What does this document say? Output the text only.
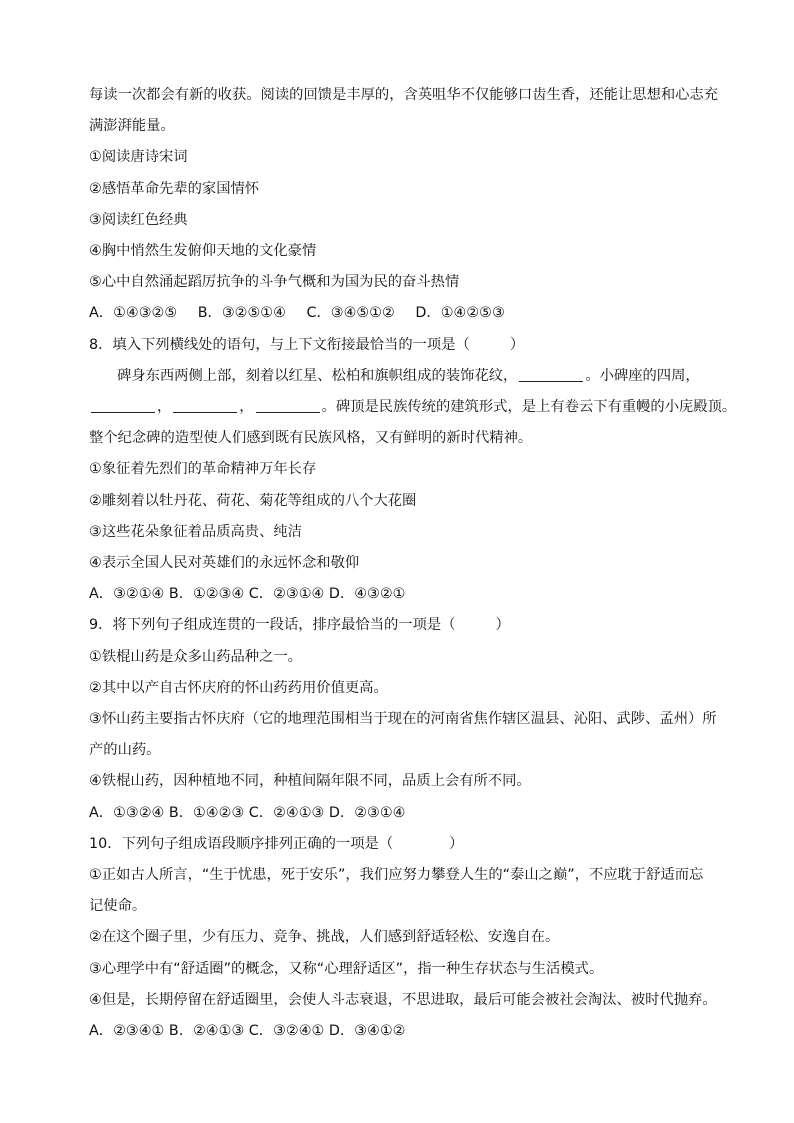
每读一次都会有新的收获。阅读的回馈是丰厚的，含英咀华不仅能够口齿生香，还能让思想和心志充
满澎湃能量。
①阅读唐诗宋词
②感悟革命先辈的家国情怀
③阅读红色经典
④胸中悄然生发俯仰天地的文化豪情
⑤心中自然涌起蹈厉抗争的斗争气概和为国为民的奋斗热情
A．①④③②⑤ B．③②⑤①④ C．③④⑤①② D．①④②⑤③
8．填入下列横线处的语句，与上下文衔接最恰当的一项是（	）
碑身东西两侧上部，刻着以红星、松柏和旗帜组成的装饰花纹，	。小碑座的四周，
，	，	。碑顶是民族传统的建筑形式，是上有卷云下有重幔的小庑殿顶。
整个纪念碑的造型使人们感到既有民族风格，又有鲜明的新时代精神。
①象征着先烈们的革命精神万年长存
②雕刻着以牡丹花、荷花、菊花等组成的八个大花圈
③这些花朵象征着品质高贵、纯洁
④表示全国人民对英雄们的永远怀念和敬仰
A．③②①④ B．①②③④ C．②③①④ D．④③②①
9．将下列句子组成连贯的一段话，排序最恰当的一项是（	）
①铁棍山药是众多山药品种之一。
②其中以产自古怀庆府的怀山药药用价值更高。
③怀山药主要指古怀庆府（它的地理范围相当于现在的河南省焦作辖区温县、沁阳、武陟、孟州）所
产的山药。
④铁棍山药，因种植地不同，种植间隔年限不同，品质上会有所不同。
A．①③②④ B．①④②③ C．②④①③ D．②③①④
10．下列句子组成语段顺序排列正确的一项是（	）
①正如古人所言，“生于忧患，死于安乐”，我们应努力攀登人生的“泰山之巅”，不应耽于舒适而忘
记使命。
②在这个圈子里，少有压力、竞争、挑战，人们感到舒适轻松、安逸自在。
③心理学中有“舒适圈”的概念，又称“心理舒适区”，指一种生存状态与生活模式。
④但是，长期停留在舒适圈里，会使人斗志衰退，不思进取，最后可能会被社会淘汰、被时代抛弃。
A．②③④① B．②④①③ C．③②④① D．③④①②
